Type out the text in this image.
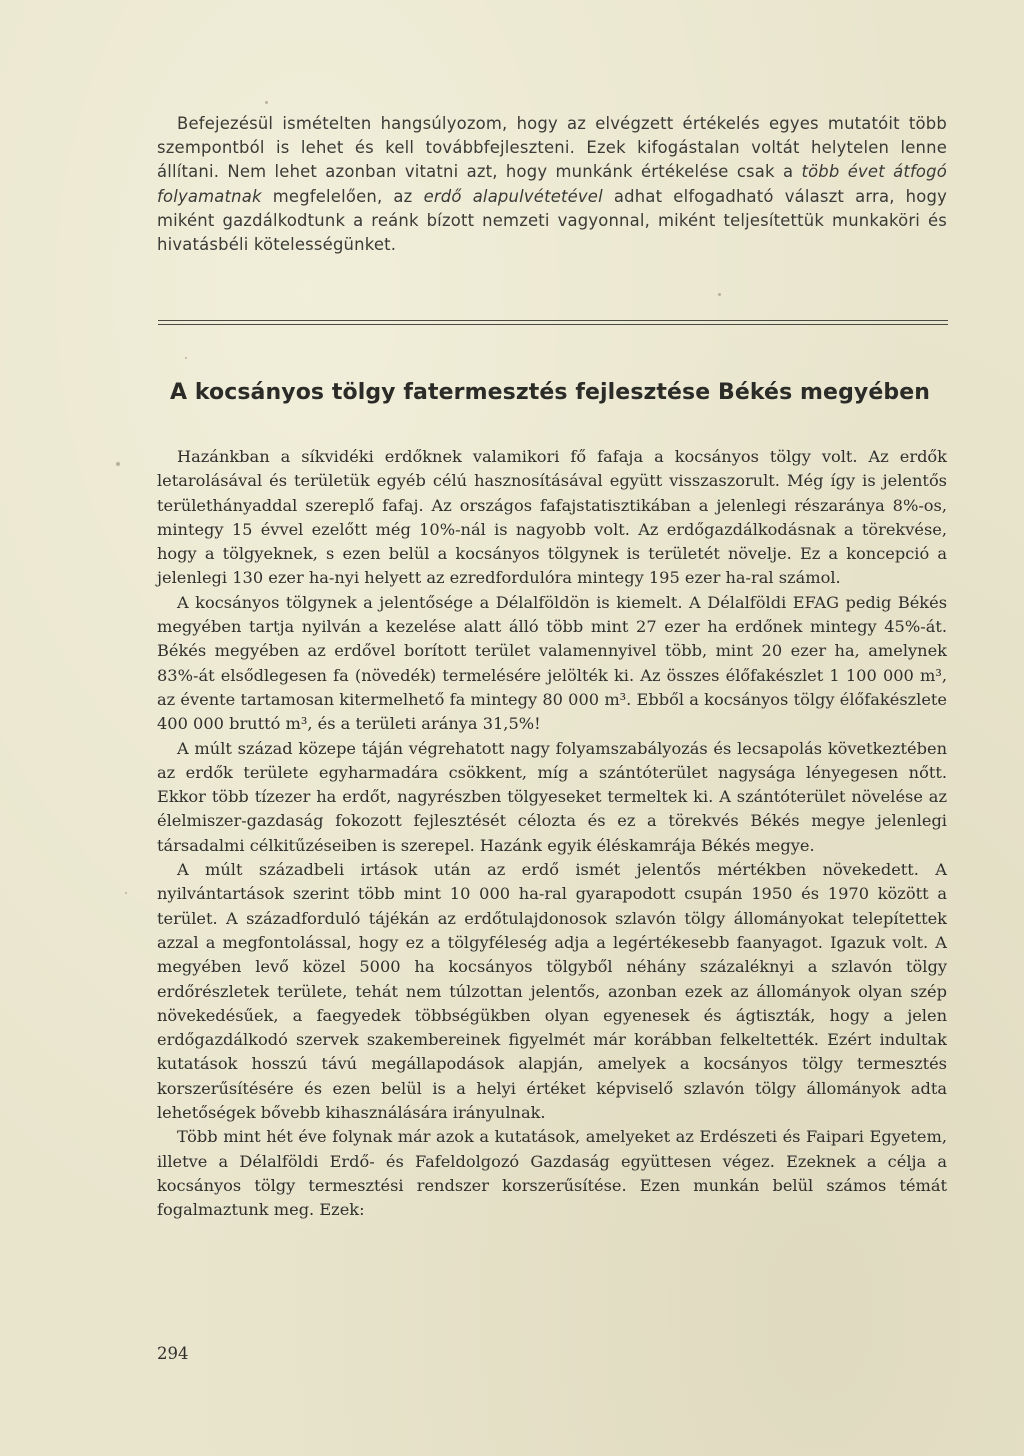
Befejezésül ismételten hangsúlyozom, hogy az elvégzett értékelés egyes mutatóit több szempontból is lehet és kell továbbfejleszteni. Ezek kifogástalan voltát helytelen lenne állítani. Nem lehet azonban vitatni azt, hogy munkánk értékelése csak a több évet átfogó folyamatnak megfelelően, az erdő alapulvétetével adhat elfogadható választ arra, hogy miként gazdálkodtunk a reánk bízott nemzeti vagyonnal, miként teljesítettük munkaköri és hivatásbéli kötelességünket.
A kocsányos tölgy fatermesztés fejlesztése Békés megyében

Hazánkban a síkvidéki erdőknek valamikori fő fafaja a kocsányos tölgy volt. Az erdők letarolásával és területük egyéb célú hasznosításával együtt visszaszorult. Még így is jelentős területhányaddal szereplő fafaj. Az országos fafajstatisztikában a jelenlegi részaránya 8%-os, mintegy 15 évvel ezelőtt még 10%-nál is nagyobb volt. Az erdőgazdálkodásnak a törekvése, hogy a tölgyeknek, s ezen belül a kocsányos tölgynek is területét növelje. Ez a koncepció a jelenlegi 130 ezer ha-nyi helyett az ezredfordulóra mintegy 195 ezer ha-ral számol.

A kocsányos tölgynek a jelentősége a Délalföldön is kiemelt. A Délalföldi EFAG pedig Békés megyében tartja nyilván a kezelése alatt álló több mint 27 ezer ha erdőnek mintegy 45%-át. Békés megyében az erdővel borított terület valamennyivel több, mint 20 ezer ha, amelynek 83%-át elsődlegesen fa (növedék) termelésére jelölték ki. Az összes élőfakészlet 1 100 000 m³, az évente tartamosan kitermelhető fa mintegy 80 000 m³. Ebből a kocsányos tölgy élőfakészlete 400 000 bruttó m³, és a területi aránya 31,5%!

A múlt század közepe táján végrehatott nagy folyamszabályozás és lecsapolás következtében az erdők területe egyharmadára csökkent, míg a szántóterület nagysága lényegesen nőtt. Ekkor több tízezer ha erdőt, nagyrészben tölgyeseket termeltek ki. A szántóterület növelése az élelmiszer-gazdaság fokozott fejlesztését célozta és ez a törekvés Békés megye jelenlegi társadalmi célkitűzéseiben is szerepel. Hazánk egyik éléskamrája Békés megye.

A múlt századbeli irtások után az erdő ismét jelentős mértékben növekedett. A nyilvántartások szerint több mint 10 000 ha-ral gyarapodott csupán 1950 és 1970 között a terület. A századforduló tájékán az erdőtulajdonosok szlavón tölgy állományokat telepítettek azzal a megfontolással, hogy ez a tölgyféleség adja a legértékesebb faanyagot. Igazuk volt. A megyében levő közel 5000 ha kocsányos tölgyből néhány százaléknyi a szlavón tölgy erdőrészletek területe, tehát nem túlzottan jelentős, azonban ezek az állományok olyan szép növekedésűek, a faegyedek többségükben olyan egyenesek és ágtiszták, hogy a jelen erdőgazdálkodó szervek szakembereinek figyelmét már korábban felkeltették. Ezért indultak kutatások hosszú távú megállapodások alapján, amelyek a kocsányos tölgy termesztés korszerűsítésére és ezen belül is a helyi értéket képviselő szlavón tölgy állományok adta lehetőségek bővebb kihasználására irányulnak.

Több mint hét éve folynak már azok a kutatások, amelyeket az Erdészeti és Faipari Egyetem, illetve a Délalföldi Erdő- és Fafeldolgozó Gazdaság együttesen végez. Ezeknek a célja a kocsányos tölgy termesztési rendszer korszerűsítése. Ezen munkán belül számos témát fogalmaztunk meg. Ezek:

294
